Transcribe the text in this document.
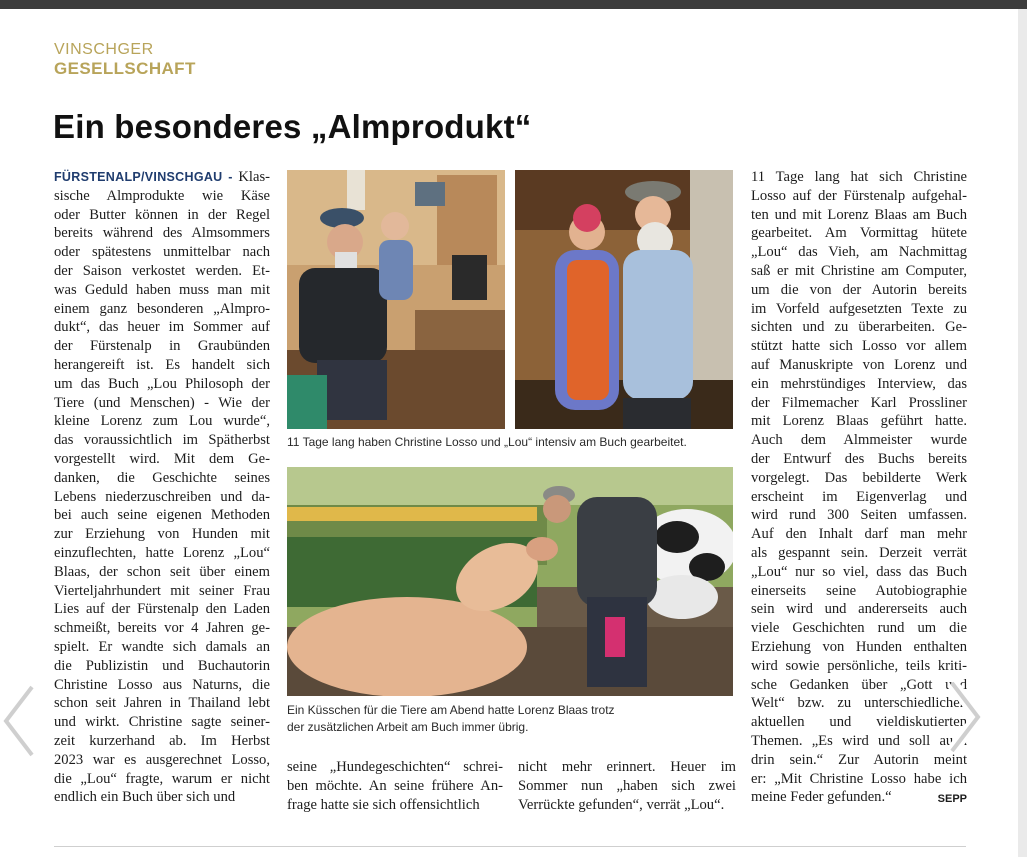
VINSCHGER
GESELLSCHAFT
Ein besonderes „Almprodukt“
FÜRSTENALP/VINSCHGAU - Klas-
sische Almprodukte wie Käse
oder Butter können in der Regel
bereits während des Almsommers
oder spätestens unmittelbar nach
der Saison verkostet werden. Et-
was Geduld haben muss man mit
einem ganz besonderen „Almpro-
dukt“, das heuer im Sommer auf
der Fürstenalp in Graubünden
herangereift ist. Es handelt sich
um das Buch „Lou Philosoph der
Tiere (und Menschen) - Wie der
kleine Lorenz zum Lou wurde“,
das voraussichtlich im Spätherbst
vorgestellt wird. Mit dem Ge-
danken, die Geschichte seines
Lebens niederzuschreiben und da-
bei auch seine eigenen Methoden
zur Erziehung von Hunden mit
einzuflechten, hatte Lorenz „Lou“
Blaas, der schon seit über einem
Vierteljahrhundert mit seiner Frau
Lies auf der Fürstenalp den Laden
schmeißt, bereits vor 4 Jahren ge-
spielt. Er wandte sich damals an
die Publizistin und Buchautorin
Christine Losso aus Naturns, die
schon seit Jahren in Thailand lebt
und wirkt. Christine sagte seiner-
zeit kurzerhand ab. Im Herbst
2023 war es ausgerechnet Losso,
die „Lou“ fragte, warum er nicht
endlich ein Buch über sich und
11 Tage lang haben Christine Losso und „Lou“ intensiv am Buch gearbeitet.
Ein Küsschen für die Tiere am Abend hatte Lorenz Blaas trotz
der zusätzlichen Arbeit am Buch immer übrig.
seine „Hundegeschichten“ schrei-
ben möchte. An seine frühere An-
frage hatte sie sich offensichtlich
nicht mehr erinnert. Heuer im
Sommer nun „haben sich zwei
Verrückte gefunden“, verrät „Lou“.
11 Tage lang hat sich Christine
Losso auf der Fürstenalp aufgehal-
ten und mit Lorenz Blaas am Buch
gearbeitet. Am Vormittag hütete
„Lou“ das Vieh, am Nachmittag
saß er mit Christine am Computer,
um die von der Autorin bereits
im Vorfeld aufgesetzten Texte zu
sichten und zu überarbeiten. Ge-
stützt hatte sich Losso vor allem
auf Manuskripte von Lorenz und
ein mehrstündiges Interview, das
der Filmemacher Karl Prossliner
mit Lorenz Blaas geführt hatte.
Auch dem Almmeister wurde
der Entwurf des Buchs bereits
vorgelegt. Das bebilderte Werk
erscheint im Eigenverlag und
wird rund 300 Seiten umfassen.
Auf den Inhalt darf man mehr
als gespannt sein. Derzeit verrät
„Lou“ nur so viel, dass das Buch
einerseits seine Autobiographie
sein wird und andererseits auch
viele Geschichten rund um die
Erziehung von Hunden enthalten
wird sowie persönliche, teils kriti-
sche Gedanken über „Gott und
Welt“ bzw. zu unterschiedlichen
aktuellen und vieldiskutierten
Themen. „Es wird und soll auch
drin sein.“ Zur Autorin meint
er: „Mit Christine Losso habe ich
meine Feder gefunden.“	SEPP
